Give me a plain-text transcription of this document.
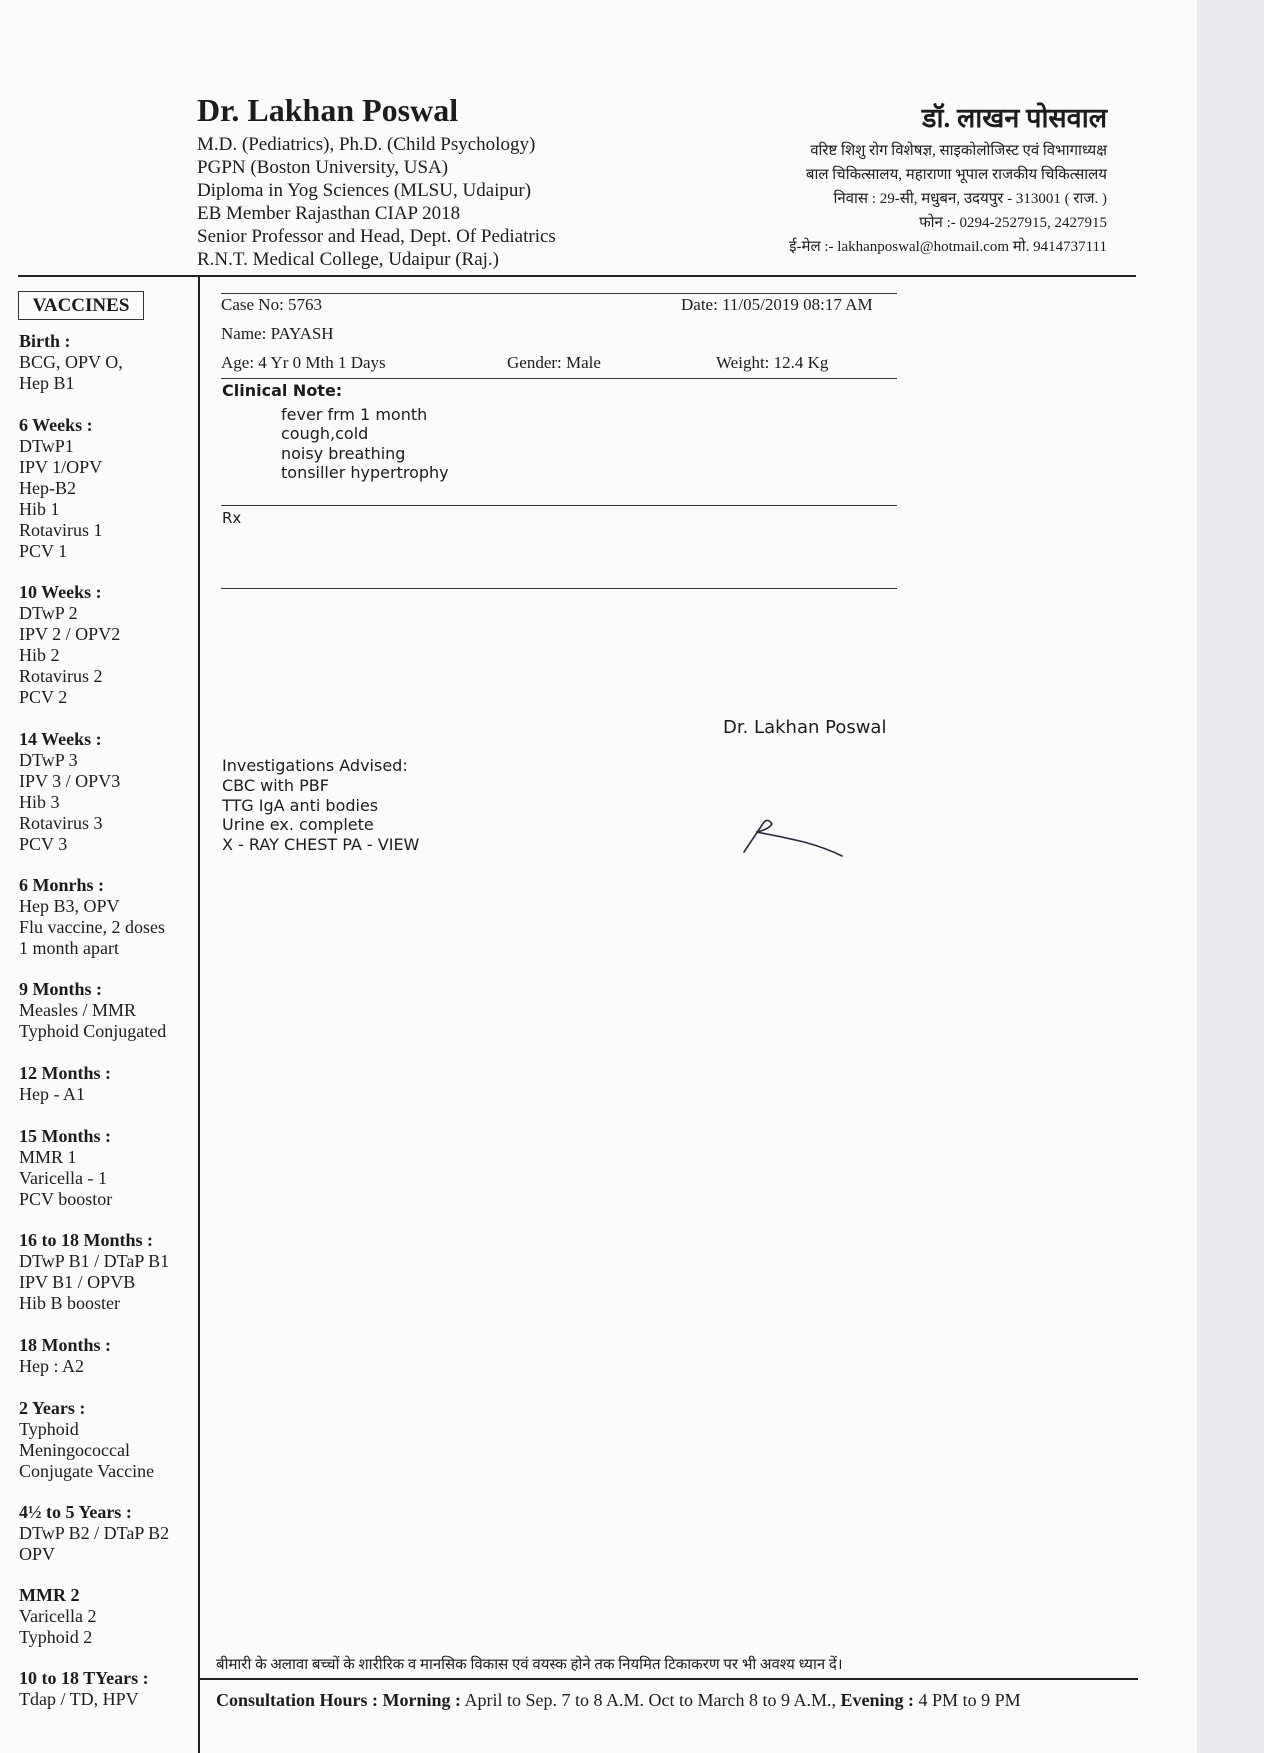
Dr. Lakhan Poswal
M.D. (Pediatrics), Ph.D. (Child Psychology)
PGPN (Boston University, USA)
Diploma in Yog Sciences (MLSU, Udaipur)
EB Member Rajasthan CIAP 2018
Senior Professor and Head, Dept. Of Pediatrics
R.N.T. Medical College, Udaipur (Raj.)
डॉ. लाखन पोसवाल
वरिष्ट शिशु रोग विशेषज्ञ, साइकोलोजिस्ट एवं विभागाध्यक्ष
बाल चिकित्सालय, महाराणा भूपाल राजकीय चिकित्सालय
निवास : 29-सी, मधुबन, उदयपुर - 313001 ( राज. )
फोन :- 0294-2527915, 2427915
ई-मेल :- lakhanposwal@hotmail.com मो. 9414737111
VACCINES
Birth :
BCG, OPV O,
Hep B1
6 Weeks :
DTwP1
IPV 1/OPV
Hep-B2
Hib 1
Rotavirus 1
PCV 1
10 Weeks :
DTwP 2
IPV 2 / OPV2
Hib 2
Rotavirus 2
PCV 2
14 Weeks :
DTwP 3
IPV 3 / OPV3
Hib 3
Rotavirus 3
PCV 3
6 Monrhs :
Hep B3, OPV
Flu vaccine, 2 doses
1 month apart
9 Months :
Measles / MMR
Typhoid Conjugated
12 Months :
Hep - A1
15 Months :
MMR 1
Varicella - 1
PCV boostor
16 to 18 Months :
DTwP B1 / DTaP B1
IPV B1 / OPVB
Hib B booster
18 Months :
Hep : A2
2 Years :
Typhoid
Meningococcal
Conjugate Vaccine
4½ to 5 Years :
DTwP B2 / DTaP B2
OPV
MMR 2
Varicella 2
Typhoid 2
10 to 18 TYears :
Tdap / TD, HPV
Case No: 5763	Date: 11/05/2019 08:17 AM
Name: PAYASH
Age: 4 Yr 0 Mth 1 Days	Gender: Male	Weight: 12.4 Kg
Clinical Note:
fever frm 1 month
cough,cold
noisy breathing
tonsiller hypertrophy
Rx
Dr. Lakhan Poswal
Investigations Advised:
CBC with PBF
TTG IgA anti bodies
Urine ex. complete
X - RAY CHEST PA - VIEW
बीमारी के अलावा बच्चों के शारीरिक व मानसिक विकास एवं वयस्क होने तक नियमित टिकाकरण पर भी अवश्य ध्यान दें।
Consultation Hours : Morning : April to Sep. 7 to 8 A.M. Oct to March 8 to 9 A.M., Evening : 4 PM to 9 PM
